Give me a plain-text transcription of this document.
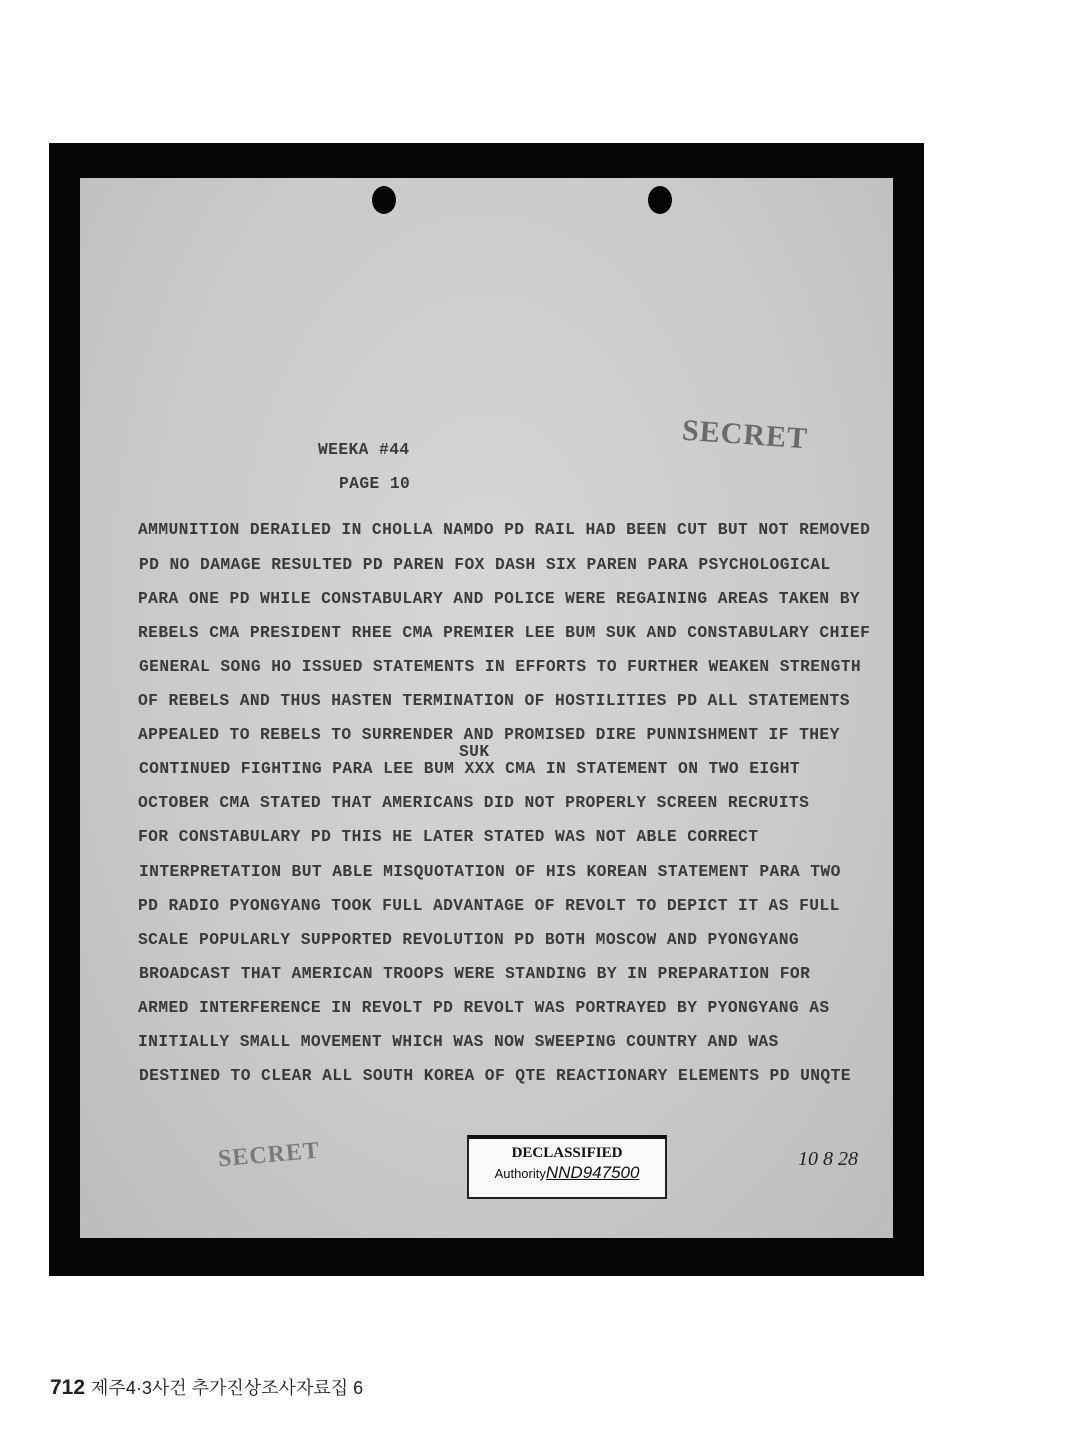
SECRET
WEEKA #44
PAGE 10
AMMUNITION DERAILED IN CHOLLA NAMDO PD RAIL HAD BEEN CUT BUT NOT REMOVED
PD NO DAMAGE RESULTED PD PAREN FOX DASH SIX PAREN PARA PSYCHOLOGICAL
PARA ONE PD WHILE CONSTABULARY AND POLICE WERE REGAINING AREAS TAKEN BY
REBELS CMA PRESIDENT RHEE CMA PREMIER LEE BUM SUK AND CONSTABULARY CHIEF
GENERAL SONG HO ISSUED STATEMENTS IN EFFORTS TO FURTHER WEAKEN STRENGTH
OF REBELS AND THUS HASTEN TERMINATION OF HOSTILITIES PD ALL STATEMENTS
APPEALED TO REBELS TO SURRENDER AND PROMISED DIRE PUNNISHMENT IF THEY
CONTINUED FIGHTING PARA LEE BUM XXX CMA IN STATEMENT ON TWO EIGHT
OCTOBER CMA STATED THAT AMERICANS DID NOT PROPERLY SCREEN RECRUITS
FOR CONSTABULARY PD THIS HE LATER STATED WAS NOT ABLE CORRECT
INTERPRETATION BUT ABLE MISQUOTATION OF HIS KOREAN STATEMENT PARA TWO
PD RADIO PYONGYANG TOOK FULL ADVANTAGE OF REVOLT TO DEPICT IT AS FULL
SCALE POPULARLY SUPPORTED REVOLUTION PD BOTH MOSCOW AND PYONGYANG
BROADCAST THAT AMERICAN TROOPS WERE STANDING BY IN PREPARATION FOR
ARMED INTERFERENCE IN REVOLT PD REVOLT WAS PORTRAYED BY PYONGYANG AS
INITIALLY SMALL MOVEMENT WHICH WAS NOW SWEEPING COUNTRY AND WAS
DESTINED TO CLEAR ALL SOUTH KOREA OF QTE REACTIONARY ELEMENTS PD UNQTE
SUK
SECRET	DECLASSIFIED
AuthorityNND947500
10 8 28
712 제주4·3사건 추가진상조사자료집 6
